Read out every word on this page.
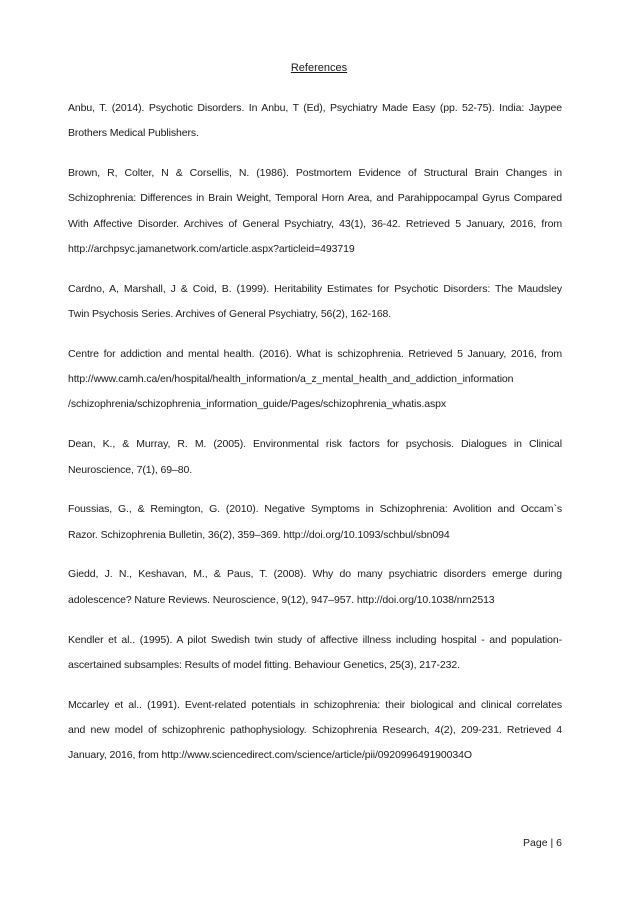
References
Anbu, T. (2014). Psychotic Disorders. In Anbu, T (Ed), Psychiatry Made Easy (pp. 52-75). India: Jaypee
Brothers Medical Publishers.
Brown, R, Colter, N & Corsellis, N. (1986). Postmortem Evidence of Structural Brain Changes in
Schizophrenia: Differences in Brain Weight, Temporal Horn Area, and Parahippocampal Gyrus Compared
With Affective Disorder. Archives of General Psychiatry, 43(1), 36-42. Retrieved 5 January, 2016, from
http://archpsyc.jamanetwork.com/article.aspx?articleid=493719
Cardno, A, Marshall, J & Coid, B. (1999). Heritability Estimates for Psychotic Disorders: The Maudsley
Twin Psychosis Series. Archives of General Psychiatry, 56(2), 162-168.
Centre for addiction and mental health. (2016). What is schizophrenia. Retrieved 5 January, 2016, from
http://www.camh.ca/en/hospital/health_information/a_z_mental_health_and_addiction_information
/schizophrenia/schizophrenia_information_guide/Pages/schizophrenia_whatis.aspx
Dean, K., & Murray, R. M. (2005). Environmental risk factors for psychosis. Dialogues in Clinical
Neuroscience, 7(1), 69–80.
Foussias, G., & Remington, G. (2010). Negative Symptoms in Schizophrenia: Avolition and Occam`s
Razor. Schizophrenia Bulletin, 36(2), 359–369. http://doi.org/10.1093/schbul/sbn094
Giedd, J. N., Keshavan, M., & Paus, T. (2008). Why do many psychiatric disorders emerge during
adolescence? Nature Reviews. Neuroscience, 9(12), 947–957. http://doi.org/10.1038/nrn2513
Kendler et al.. (1995). A pilot Swedish twin study of affective illness including hospital - and population-
ascertained subsamples: Results of model fitting. Behaviour Genetics, 25(3), 217-232.
Mccarley et al.. (1991). Event-related potentials in schizophrenia: their biological and clinical correlates
and new model of schizophrenic pathophysiology. Schizophrenia Research, 4(2), 209-231. Retrieved 4
January, 2016, from http://www.sciencedirect.com/science/article/pii/092099649190034O
Page | 6
